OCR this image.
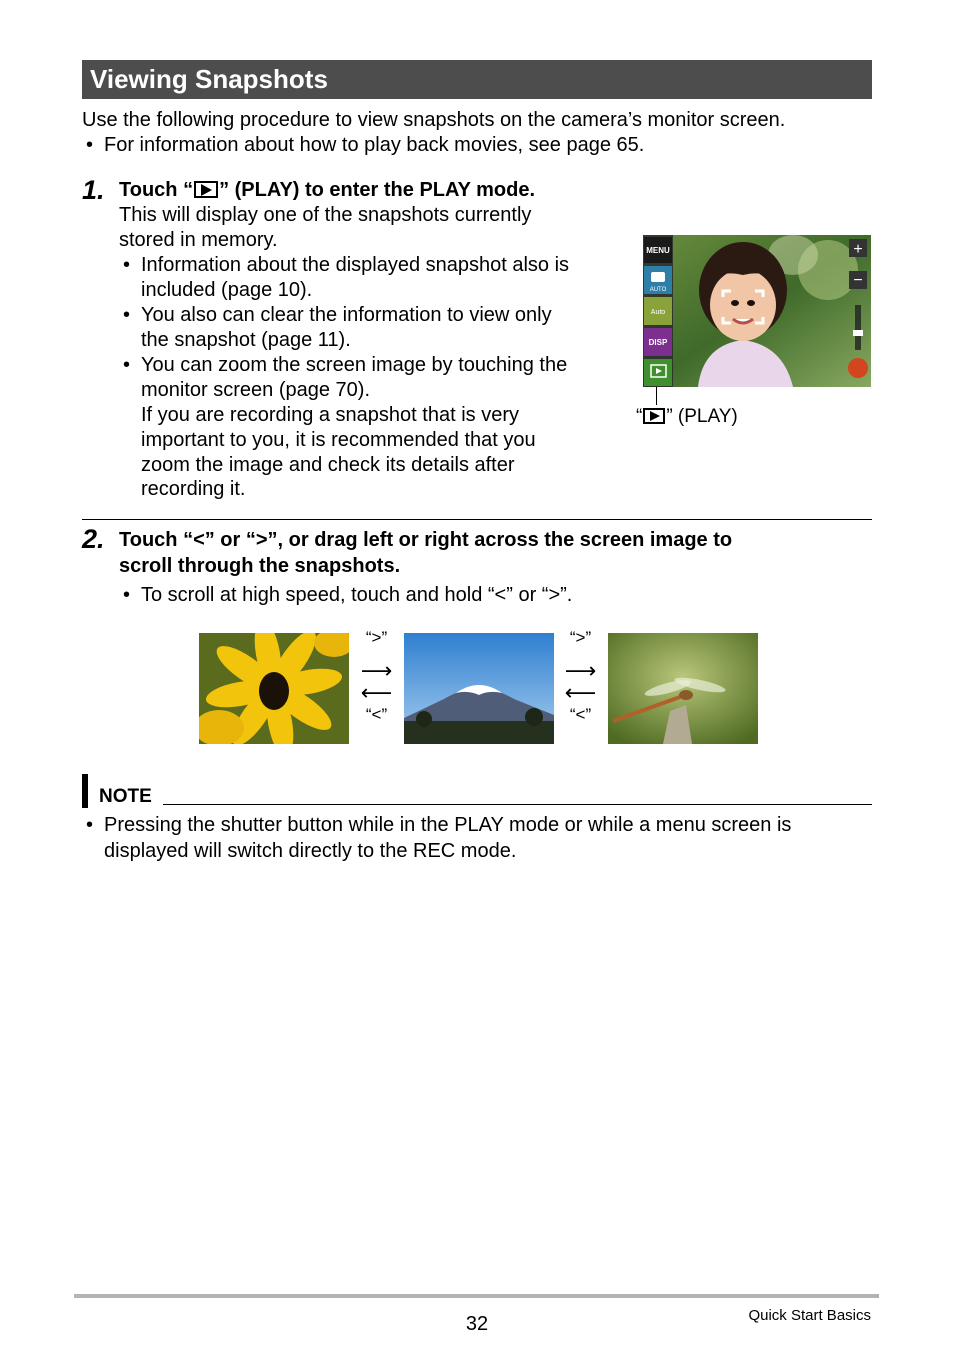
Viewing Snapshots
Use the following procedure to view snapshots on the camera’s monitor screen.
• For information about how to play back movies, see page 65.
1. Touch “ ” (PLAY) to enter the PLAY mode.
This will display one of the snapshots currently
stored in memory.
• Information about the displayed snapshot also is
included (page 10).
• You also can clear the information to view only
the snapshot (page 11).
• You can zoom the screen image by touching the
monitor screen (page 70).
If you are recording a snapshot that is very
important to you, it is recommended that you
zoom the image and check its details after
recording it.
MENU
AUTO
Auto
DISP
+
−
“ ” (PLAY)
2. Touch “<” or “>”, or drag left or right across the screen image to
scroll through the snapshots.
• To scroll at high speed, touch and hold “<” or “>”.
“>”
⟶
⟵
“<”
“>”
⟶
⟵
“<”
NOTE
• Pressing the shutter button while in the PLAY mode or while a menu screen is
displayed will switch directly to the REC mode.
32	Quick Start Basics
